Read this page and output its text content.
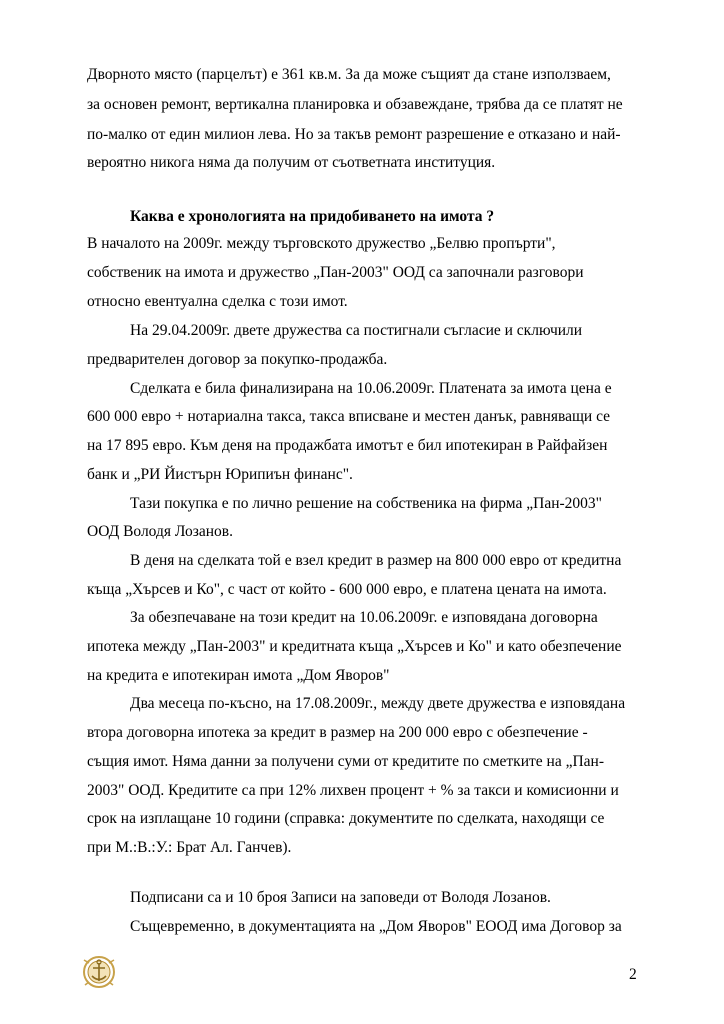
Дворното място (парцелът) е 361 кв.м. За да може същият да стане използваем,

за основен ремонт, вертикална планировка и обзавеждане, трябва да се платят не

по-малко от един милион лева. Но за такъв ремонт разрешение е отказано и най-

вероятно никога няма да получим от съответната институция.

Каква е хронологията на придобиването на имота ?

В началото на 2009г. между търговското дружество „Белвю пропърти",

собственик на имота и дружество „Пан-2003" ООД са започнали разговори

относно евентуална сделка с този имот.

На 29.04.2009г. двете дружества са постигнали съгласие и сключили

предварителен договор за покупко-продажба.

Сделката е била финализирана на 10.06.2009г. Платената за имота цена е

600 000 евро + нотариална такса, такса вписване и местен данък, равняващи се

на 17 895 евро. Към деня на продажбата имотът е бил ипотекиран в Райфайзен

банк и „РИ Йистърн Юрипиън финанс".

Тази покупка е по лично решение на собственика на фирма „Пан-2003"

ООД Володя Лозанов.

В деня на сделката той е взел кредит в размер на 800 000 евро от кредитна

къща „Хърсев и Ко", с част от който - 600 000 евро, е платена цената на имота.

За обезпечаване на този кредит на 10.06.2009г. е изповядана договорна

ипотека между „Пан-2003" и кредитната къща „Хърсев и Ко" и като обезпечение

на кредита е ипотекиран имота „Дом Яворов"

Два месеца по-късно, на 17.08.2009г., между двете дружества е изповядана

втора договорна ипотека за кредит в размер на 200 000 евро с обезпечение -

същия имот. Няма данни за получени суми от кредитите по сметките на „Пан-

2003" ООД. Кредитите са при 12% лихвен процент + % за такси и комисионни и

срок на изплащане 10 години (справка: документите по сделката, находящи се

при М.:В.:У.: Брат Ал. Ганчев).

Подписани са и 10 броя Записи на заповеди от Володя Лозанов.

Същевременно, в документацията на „Дом Яворов" ЕООД има Договор за

2
